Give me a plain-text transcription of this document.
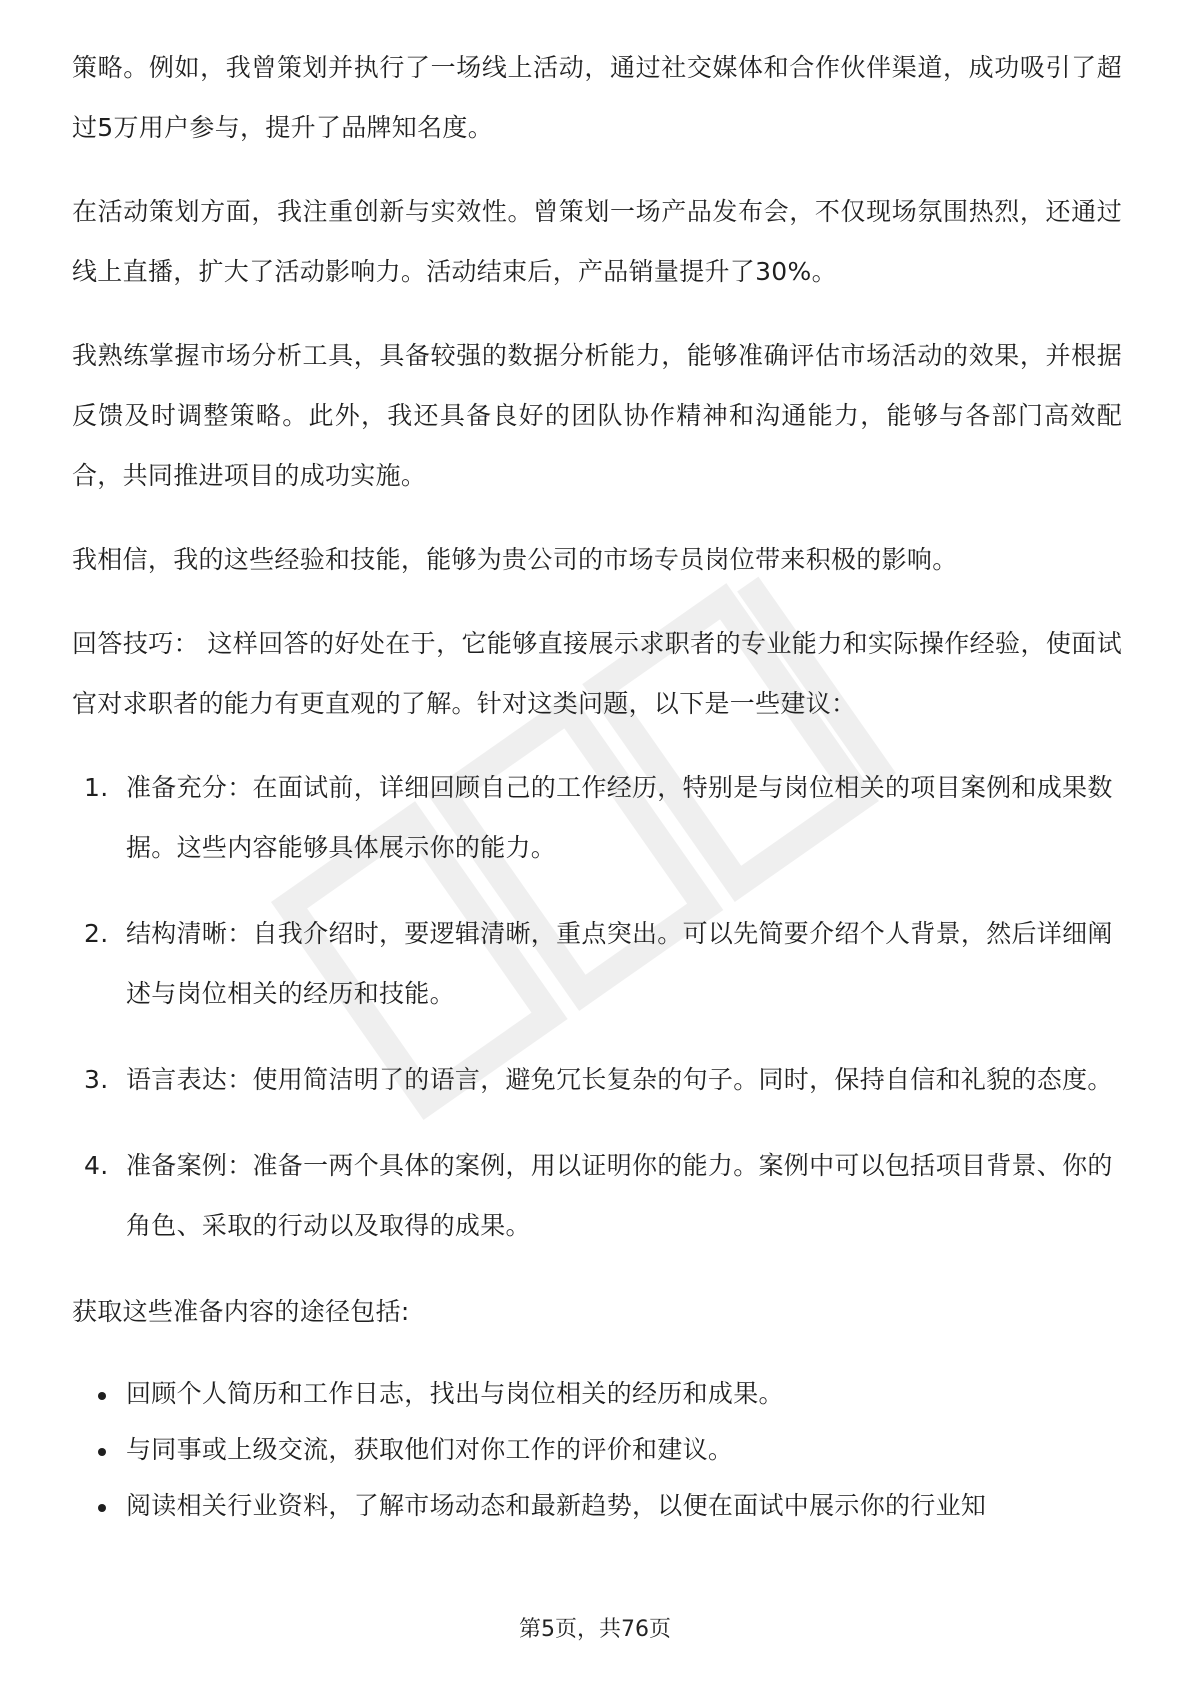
策略。例如，我曾策划并执行了一场线上活动，通过社交媒体和合作伙伴渠道，成功吸引了超过5万用户参与，提升了品牌知名度。

在活动策划方面，我注重创新与实效性。曾策划一场产品发布会，不仅现场氛围热烈，还通过线上直播，扩大了活动影响力。活动结束后，产品销量提升了30%。

我熟练掌握市场分析工具，具备较强的数据分析能力，能够准确评估市场活动的效果，并根据反馈及时调整策略。此外，我还具备良好的团队协作精神和沟通能力，能够与各部门高效配合，共同推进项目的成功实施。

我相信，我的这些经验和技能，能够为贵公司的市场专员岗位带来积极的影响。

回答技巧： 这样回答的好处在于，它能够直接展示求职者的专业能力和实际操作经验，使面试官对求职者的能力有更直观的了解。针对这类问题，以下是一些建议：

1. 准备充分：在面试前，详细回顾自己的工作经历，特别是与岗位相关的项目案例和成果数据。这些内容能够具体展示你的能力。
2. 结构清晰：自我介绍时，要逻辑清晰，重点突出。可以先简要介绍个人背景，然后详细阐述与岗位相关的经历和技能。
3. 语言表达：使用简洁明了的语言，避免冗长复杂的句子。同时，保持自信和礼貌的态度。
4. 准备案例：准备一两个具体的案例，用以证明你的能力。案例中可以包括项目背景、你的角色、采取的行动以及取得的成果。

获取这些准备内容的途径包括:

回顾个人简历和工作日志，找出与岗位相关的经历和成果。
与同事或上级交流，获取他们对你工作的评价和建议。
阅读相关行业资料，了解市场动态和最新趋势，以便在面试中展示你的行业知
第5页，共76页
